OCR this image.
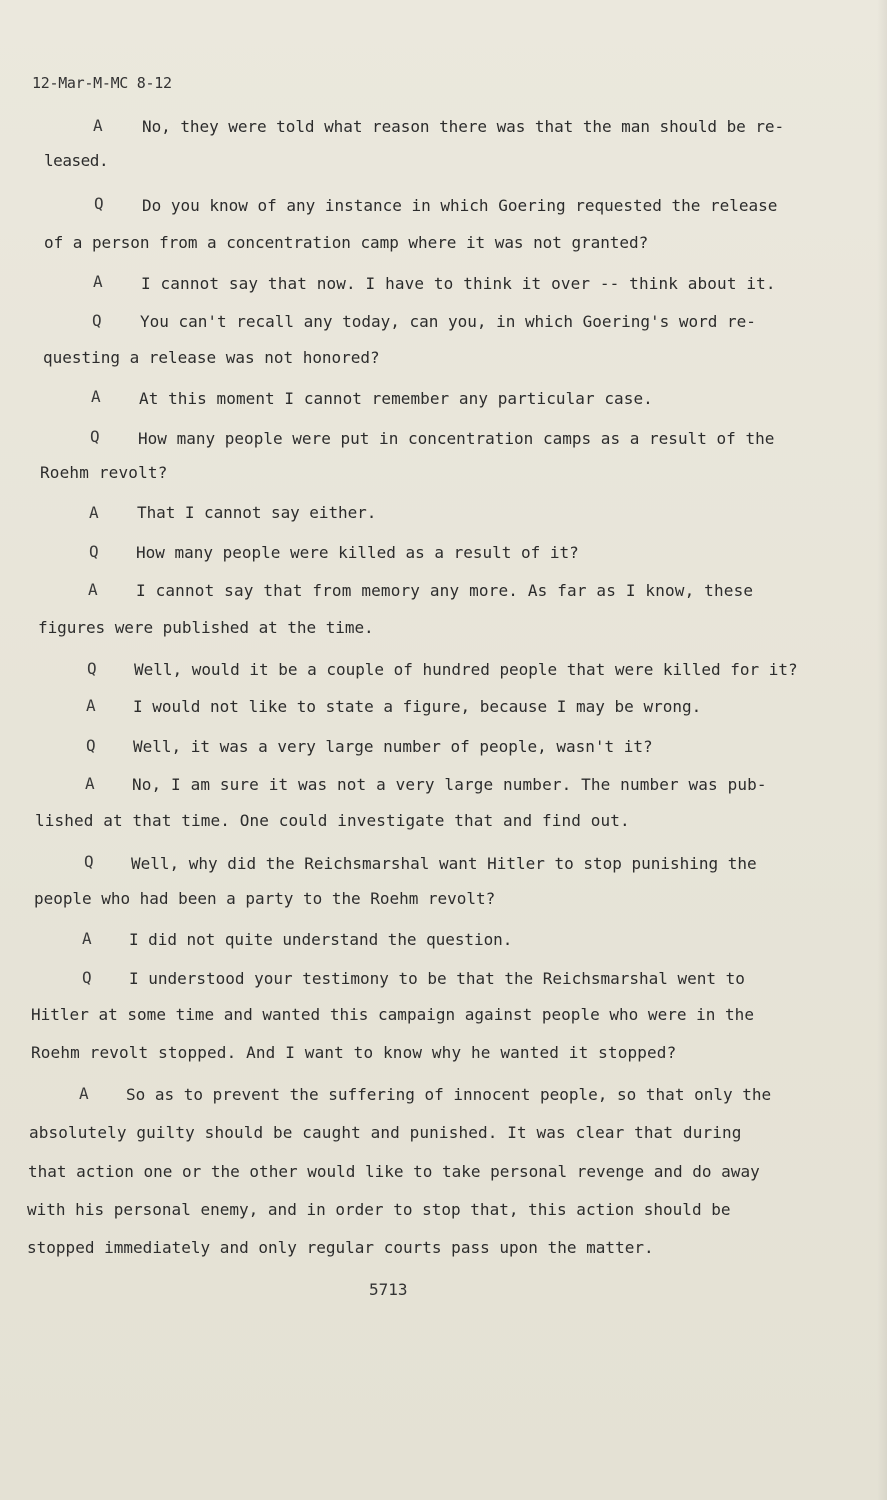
12-Mar-M-MC 8-12
A No, they were told what reason there was that the man should be re-
leased.
Q Do you know of any instance in which Goering requested the release
of a person from a concentration camp where it was not granted?
A I cannot say that now. I have to think it over -- think about it.
Q You can't recall any today, can you, in which Goering's word re-
questing a release was not honored?
A At this moment I cannot remember any particular case.
Q How many people were put in concentration camps as a result of the
Roehm revolt?
A That I cannot say either.
Q How many people were killed as a result of it?
A I cannot say that from memory any more. As far as I know, these
figures were published at the time.
Q Well, would it be a couple of hundred people that were killed for it?
A I would not like to state a figure, because I may be wrong.
Q Well, it was a very large number of people, wasn't it?
A No, I am sure it was not a very large number. The number was pub-
lished at that time. One could investigate that and find out.
Q Well, why did the Reichsmarshal want Hitler to stop punishing the
people who had been a party to the Roehm revolt?
A I did not quite understand the question.
Q I understood your testimony to be that the Reichsmarshal went to
Hitler at some time and wanted this campaign against people who were in the
Roehm revolt stopped. And I want to know why he wanted it stopped?
A So as to prevent the suffering of innocent people, so that only the
absolutely guilty should be caught and punished. It was clear that during
that action one or the other would like to take personal revenge and do away
with his personal enemy, and in order to stop that, this action should be
stopped immediately and only regular courts pass upon the matter.
5713
